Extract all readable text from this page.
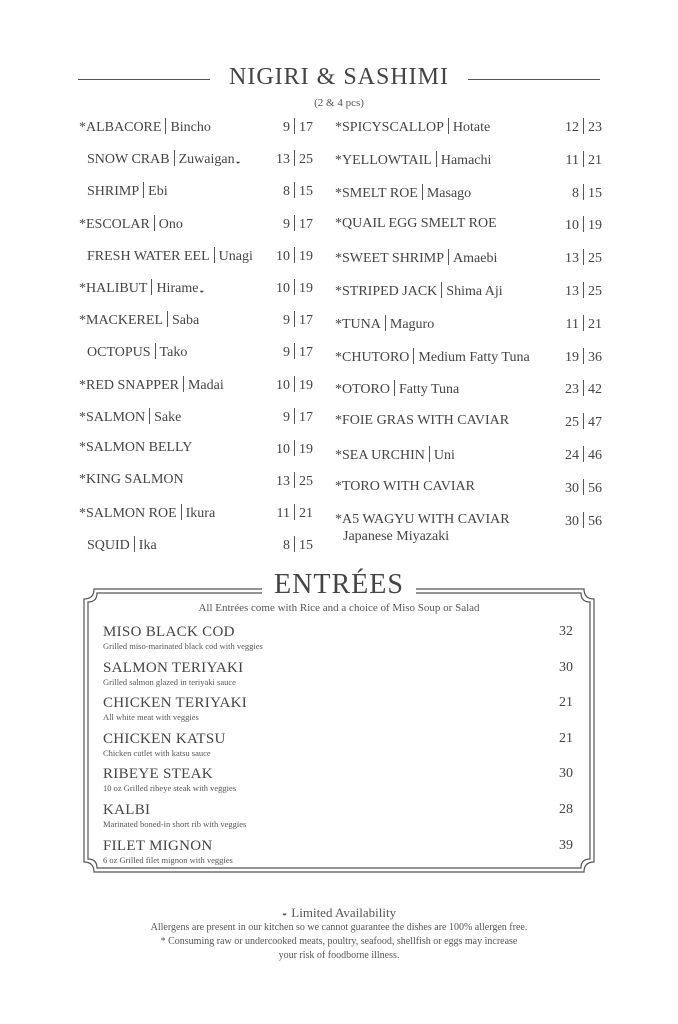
NIGIRI & SASHIMI
(2 & 4 pcs)
*ALBACORE Bincho	9 17
SNOW CRAB Zuwaigan◒	13 25
SHRIMP Ebi	8 15
*ESCOLAR Ono	9 17
FRESH WATER EEL Unagi 10 19
*HALIBUT Hirame◒	10 19
*MACKEREL Saba	9 17
OCTOPUS Tako	9 17
*RED SNAPPER Madai	10 19
*SALMON Sake	9 17
*SALMON BELLY	10 19
*KING SALMON	13 25
*SALMON ROE Ikura	11 21
SQUID Ika	8 15
*SPICYSCALLOP Hotate	12 23
*YELLOWTAIL Hamachi	11 21
*SMELT ROE Masago	8 15
*QUAIL EGG SMELT ROE	10 19
*SWEET SHRIMP Amaebi	13 25
*STRIPED JACK Shima Aji	13 25
*TUNA Maguro	11 21
*CHUTORO Medium Fatty Tuna	19 36
*OTORO Fatty Tuna	23 42
*FOIE GRAS WITH CAVIAR	25 47
*SEA URCHIN Uni	24 46
*TORO WITH CAVIAR	30 56
*A5 WAGYU WITH CAVIAR	30 56
Japanese Miyazaki
ENTRÉES
All Entrées come with Rice and a choice of Miso Soup or Salad
MISO BLACK COD
Grilled miso-marinated black cod with veggies
32
SALMON TERIYAKI
Grilled salmon glazed in teriyaki sauce
30
CHICKEN TERIYAKI
All white meat with veggies
21
CHICKEN KATSU
Chicken cutlet with katsu sauce
21
RIBEYE STEAK
10 oz Grilled ribeye steak with veggies
30
KALBI
Marinated boned-in short rib with veggies
28
FILET MIGNON
6 oz Grilled filet mignon with veggies
39
◒ Limited Availability
Allergens are present in our kitchen so we cannot guarantee the dishes are 100% allergen free.
* Consuming raw or undercooked meats, poultry, seafood, shellfish or eggs may increase
your risk of foodborne illness.
